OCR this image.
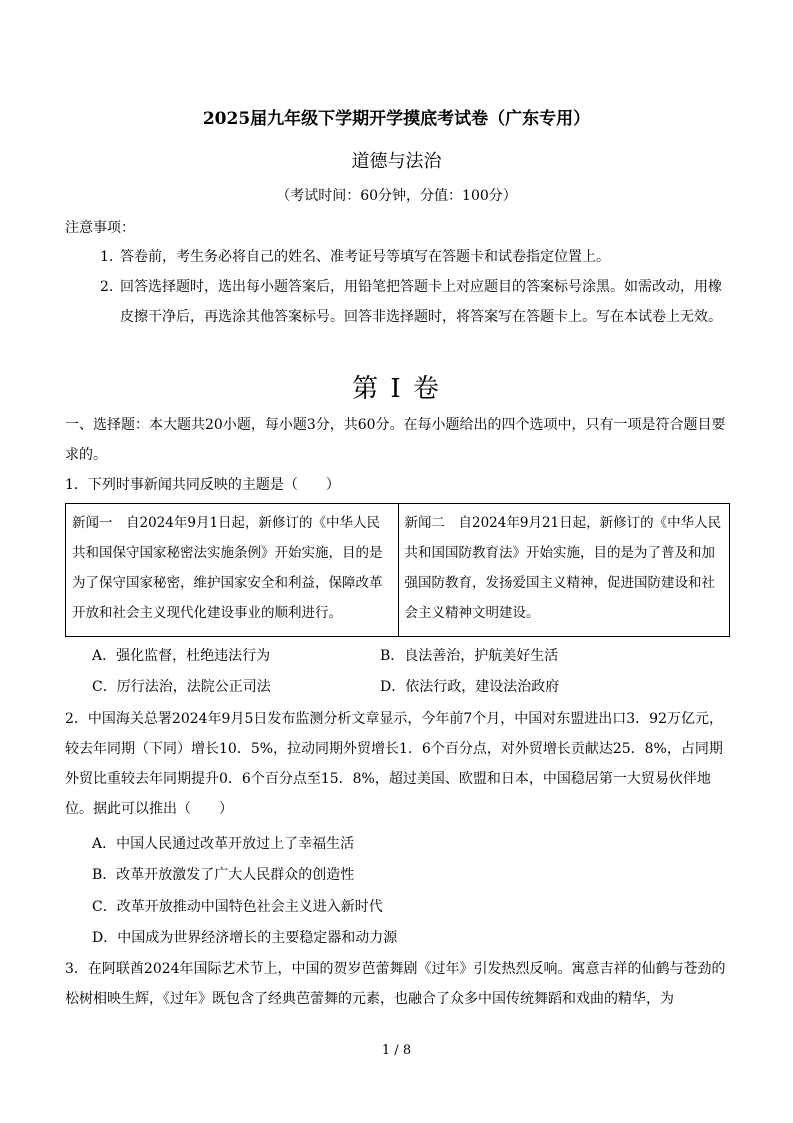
2025届九年级下学期开学摸底考试卷（广东专用）
道德与法治
（考试时间：60分钟，分值：100分）
注意事项：
1．
答卷前，考生务必将自己的姓名、准考证号等填写在答题卡和试卷指定位置上。
2．
回答选择题时，选出每小题答案后，用铅笔把答题卡上对应题目的答案标号涂黑。如需改动，用橡皮擦干净后，再选涂其他答案标号。回答非选择题时，将答案写在答题卡上。写在本试卷上无效。
第 I 卷
一、选择题：本大题共20小题，每小题3分，共60分。在每小题给出的四个选项中，只有一项是符合题目要求的。
1．下列时事新闻共同反映的主题是（　　）
新闻一　自2024年9月1日起，新修订的《中华人民共和国保守国家秘密法实施条例》开始实施，目的是为了保守国家秘密，维护国家安全和利益，保障改革开放和社会主义现代化建设事业的顺利进行。
新闻二　自2024年9月21日起，新修订的《中华人民共和国国防教育法》开始实施，目的是为了普及和加强国防教育，发扬爱国主义精神，促进国防建设和社会主义精神文明建设。
A．强化监督，杜绝违法行为	B．良法善治，护航美好生活
C．厉行法治，法院公正司法	D．依法行政，建设法治政府
2．中国海关总署2024年9月5日发布监测分析文章显示，今年前7个月，中国对东盟进出口3．92万亿元，较去年同期（下同）增长10．5%，拉动同期外贸增长1．6个百分点，对外贸增长贡献达25．8%，占同期外贸比重较去年同期提升0．6个百分点至15．8%，超过美国、欧盟和日本，中国稳居第一大贸易伙伴地位。据此可以推出（　　）
A．中国人民通过改革开放过上了幸福生活
B．改革开放激发了广大人民群众的创造性
C．改革开放推动中国特色社会主义进入新时代
D．中国成为世界经济增长的主要稳定器和动力源
3．在阿联酋2024年国际艺术节上，中国的贺岁芭蕾舞剧《过年》引发热烈反响。寓意吉祥的仙鹤与苍劲的松树相映生辉，《过年》既包含了经典芭蕾舞的元素，也融合了众多中国传统舞蹈和戏曲的精华，为
1 / 8
